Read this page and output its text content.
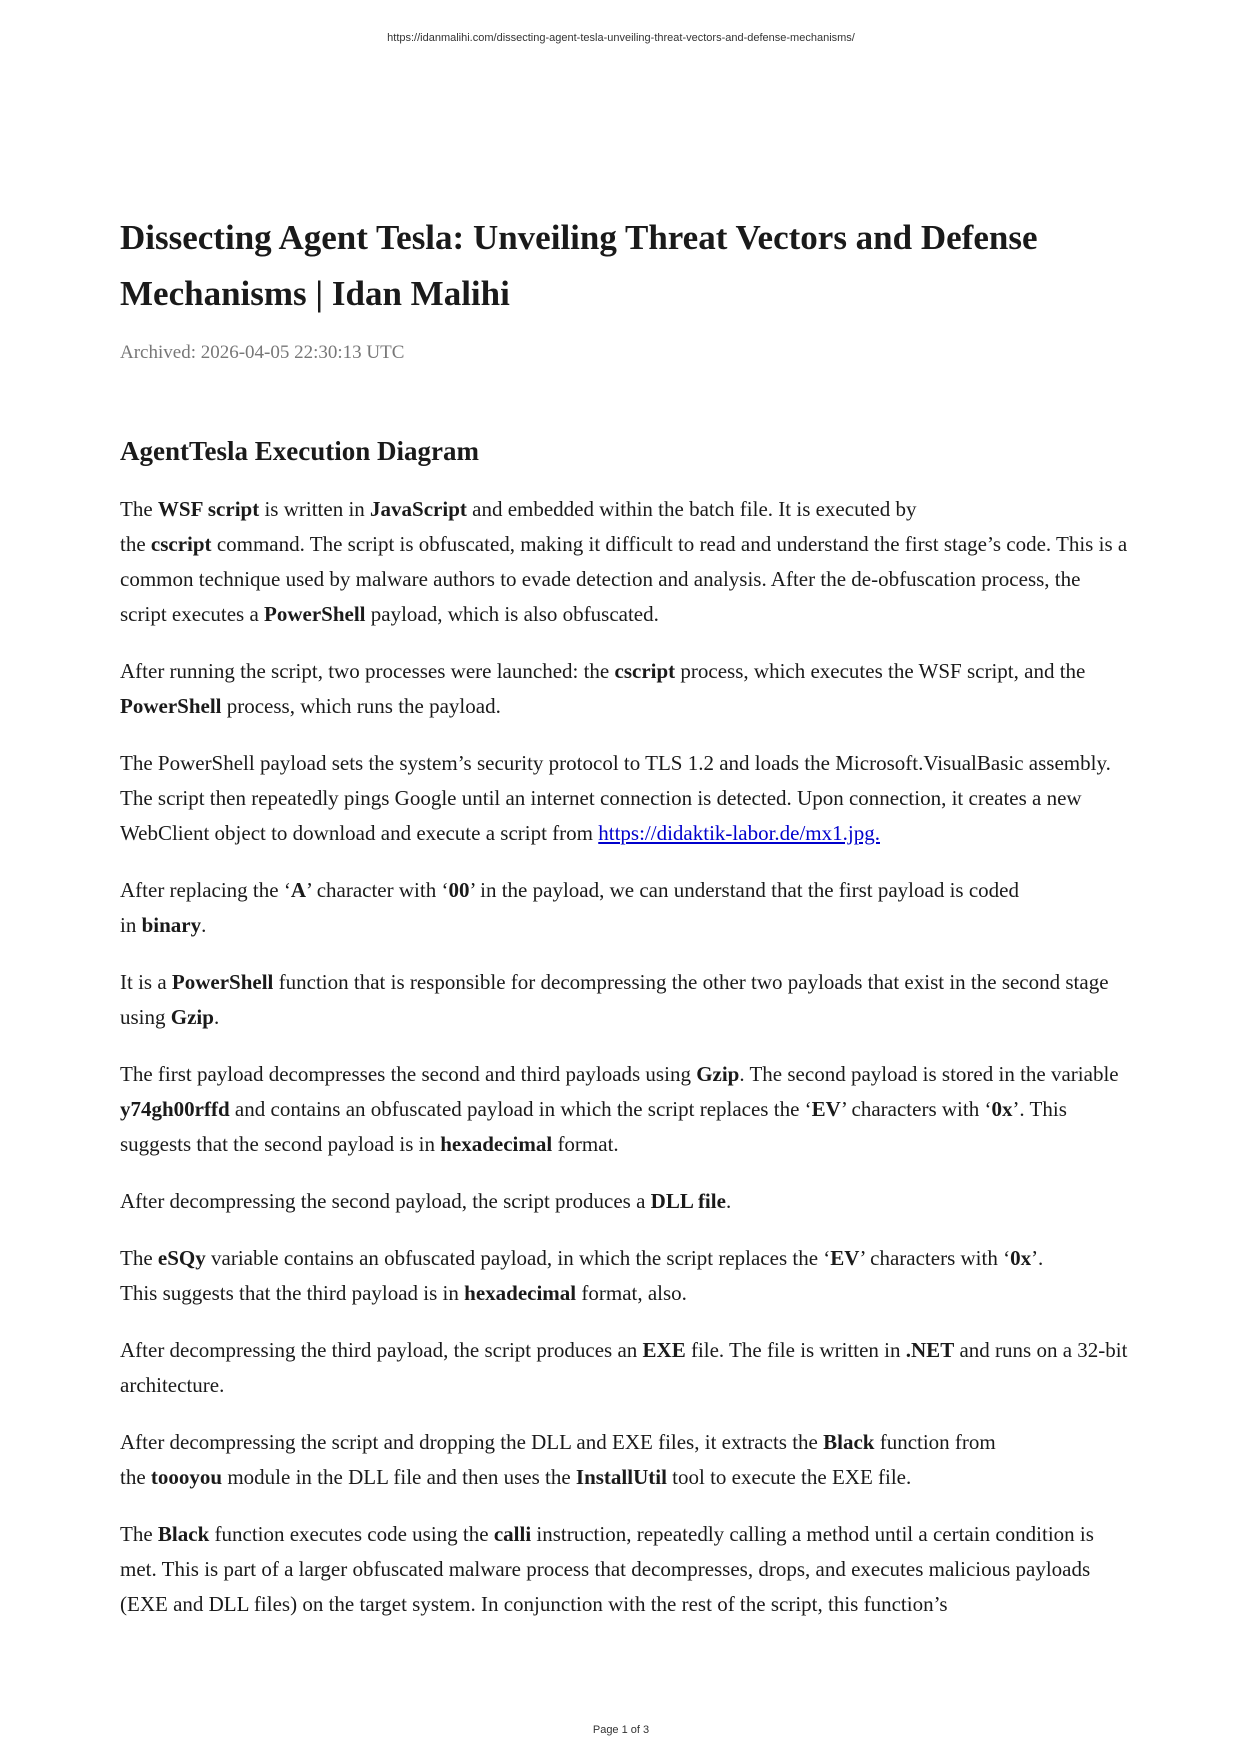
https://idanmalihi.com/dissecting-agent-tesla-unveiling-threat-vectors-and-defense-mechanisms/
Dissecting Agent Tesla: Unveiling Threat Vectors and Defense
Mechanisms | Idan Malihi
Archived: 2026-04-05 22:30:13 UTC
AgentTesla Execution Diagram

The WSF script is written in JavaScript and embedded within the batch file. It is executed by
the cscript command. The script is obfuscated, making it difficult to read and understand the first stage’s code. This is a common technique used by malware authors to evade detection and analysis. After the de-obfuscation process, the script executes a PowerShell payload, which is also obfuscated.

After running the script, two processes were launched: the cscript process, which executes the WSF script, and the PowerShell process, which runs the payload.

The PowerShell payload sets the system’s security protocol to TLS 1.2 and loads the Microsoft.VisualBasic assembly. The script then repeatedly pings Google until an internet connection is detected. Upon connection, it creates a new WebClient object to download and execute a script from https://didaktik-labor.de/mx1.jpg.

After replacing the ‘A’ character with ‘00’ in the payload, we can understand that the first payload is coded
in binary.

It is a PowerShell function that is responsible for decompressing the other two payloads that exist in the second stage using Gzip.

The first payload decompresses the second and third payloads using Gzip. The second payload is stored in the variable y74gh00rffd and contains an obfuscated payload in which the script replaces the ‘EV’ characters with ‘0x’. This suggests that the second payload is in hexadecimal format.

After decompressing the second payload, the script produces a DLL file.

The eSQy variable contains an obfuscated payload, in which the script replaces the ‘EV’ characters with ‘0x’.
This suggests that the third payload is in hexadecimal format, also.

After decompressing the third payload, the script produces an EXE file. The file is written in .NET and runs on a 32-bit architecture.

After decompressing the script and dropping the DLL and EXE files, it extracts the Black function from
the toooyou module in the DLL file and then uses the InstallUtil tool to execute the EXE file.

The Black function executes code using the calli instruction, repeatedly calling a method until a certain condition is met. This is part of a larger obfuscated malware process that decompresses, drops, and executes malicious payloads (EXE and DLL files) on the target system. In conjunction with the rest of the script, this function’s

Page 1 of 3
